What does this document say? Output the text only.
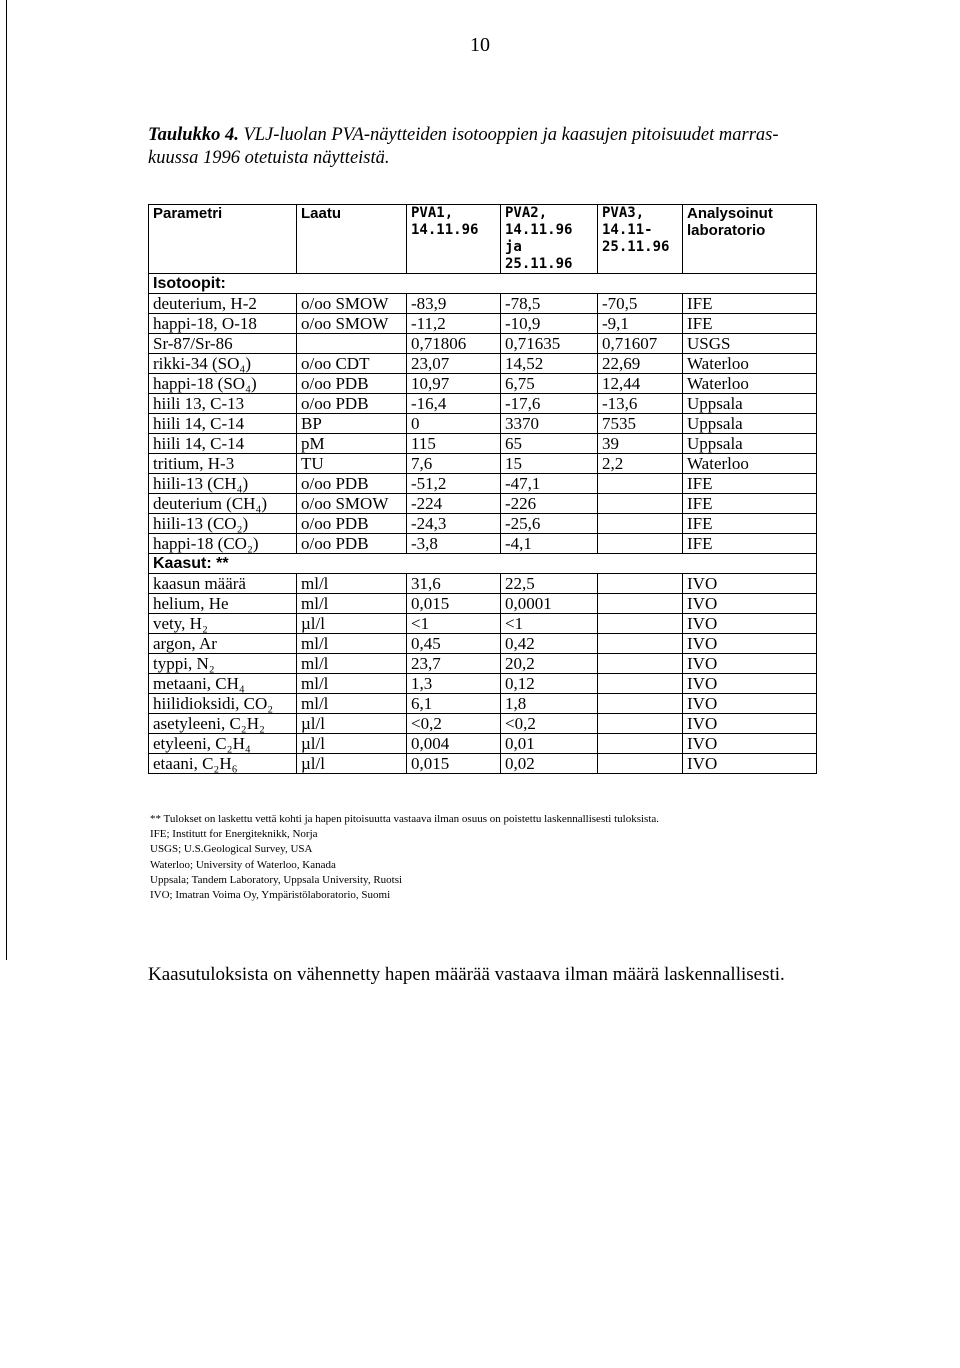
10
Taulukko 4. VLJ-luolan PVA-näytteiden isotooppien ja kaasujen pitoisuudet marras-kuussa 1996 otetuista näytteistä.
Parametri	Laatu	PVA1, 14.11.96	PVA2, 14.11.96 ja 25.11.96	PVA3, 14.11- 25.11.96	Analysoinut laboratorio
Isotoopit:					
deuterium, H-2	o/oo SMOW	-83,9	-78,5	-70,5	IFE
happi-18, O-18	o/oo SMOW	-11,2	-10,9	-9,1	IFE
Sr-87/Sr-86		0,71806	0,71635	0,71607	USGS
rikki-34 (SO₄)	o/oo CDT	23,07	14,52	22,69	Waterloo
happi-18 (SO₄)	o/oo PDB	10,97	6,75	12,44	Waterloo
hiili 13, C-13	o/oo PDB	-16,4	-17,6	-13,6	Uppsala
hiili 14, C-14	BP	0	3370	7535	Uppsala
hiili 14, C-14	pM	115	65	39	Uppsala
tritium, H-3	TU	7,6	15	2,2	Waterloo
hiili-13 (CH₄)	o/oo PDB	-51,2	-47,1		IFE
deuterium (CH₄)	o/oo SMOW	-224	-226		IFE
hiili-13 (CO₂)	o/oo PDB	-24,3	-25,6		IFE
happi-18 (CO₂)	o/oo PDB	-3,8	-4,1		IFE
Kaasut: **					
kaasun määrä	ml/l	31,6	22,5		IVO
helium, He	ml/l	0,015	0,0001		IVO
vety, H₂	µl/l	<1	<1		IVO
argon, Ar	ml/l	0,45	0,42		IVO
typpi, N₂	ml/l	23,7	20,2		IVO
metaani, CH₄	ml/l	1,3	0,12		IVO
hiilidioksidi, CO₂	ml/l	6,1	1,8		IVO
asetyleeni, C₂H₂	µl/l	<0,2	<0,2		IVO
etyleeni, C₂H₄	µl/l	0,004	0,01		IVO
etaani, C₂H₆	µl/l	0,015	0,02		IVO
** Tulokset on laskettu vettä kohti ja hapen pitoisuutta vastaava ilman osuus on poistettu laskennallisesti tuloksista.
IFE; Institutt for Energiteknikk, Norja
USGS; U.S.Geological Survey, USA
Waterloo; University of Waterloo, Kanada
Uppsala; Tandem Laboratory, Uppsala University, Ruotsi
IVO; Imatran Voima Oy, Ympäristölaboratorio, Suomi
Kaasutuloksista on vähennetty hapen määrää vastaava ilman määrä laskennallisesti.
